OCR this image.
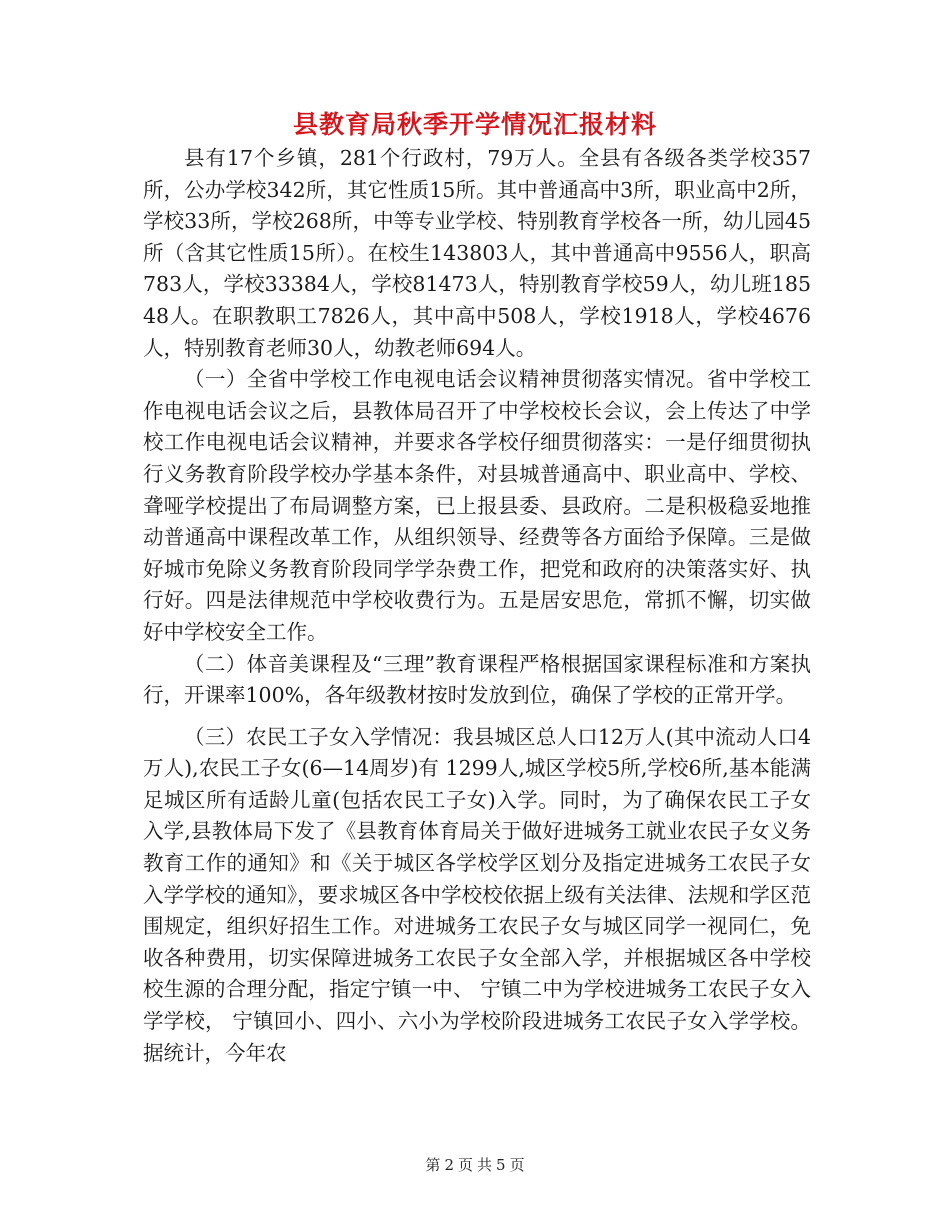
县教育局秋季开学情况汇报材料

县有17个乡镇，281个行政村，79万人。全县有各级各类学校357所，公办学校342所，其它性质15所。其中普通高中3所，职业高中2所，学校33所，学校268所，中等专业学校、特别教育学校各一所，幼儿园45所（含其它性质15所）。在校生143803人，其中普通高中9556人，职高783人，学校33384人，学校81473人，特别教育学校59人，幼儿班18548人。在职教职工7826人，其中高中508人，学校1918人，学校4676人，特别教育老师30人，幼教老师694人。

（一）全省中学校工作电视电话会议精神贯彻落实情况。省中学校工作电视电话会议之后，县教体局召开了中学校校长会议，会上传达了中学校工作电视电话会议精神，并要求各学校仔细贯彻落实：一是仔细贯彻执行义务教育阶段学校办学基本条件，对县城普通高中、职业高中、学校、聋哑学校提出了布局调整方案，已上报县委、县政府。二是积极稳妥地推动普通高中课程改革工作，从组织领导、经费等各方面给予保障。三是做好城市免除义务教育阶段同学学杂费工作，把党和政府的决策落实好、执行好。四是法律规范中学校收费行为。五是居安思危，常抓不懈，切实做好中学校安全工作。

（二）体音美课程及“三理”教育课程严格根据国家课程标准和方案执行，开课率100%，各年级教材按时发放到位，确保了学校的正常开学。

（三）农民工子女入学情况：我县城区总人口12万人(其中流动人口4万人),农民工子女(6—14周岁)有 1299人,城区学校5所,学校6所,基本能满足城区所有适龄儿童(包括农民工子女)入学。同时，为了确保农民工子女入学,县教体局下发了《县教育体育局关于做好进城务工就业农民子女义务教育工作的通知》和《关于城区各学校学区划分及指定进城务工农民子女入学学校的通知》，要求城区各中学校校依据上级有关法律、法规和学区范围规定，组织好招生工作。对进城务工农民子女与城区同学一视同仁，免收各种费用，切实保障进城务工农民子女全部入学，并根据城区各中学校校生源的合理分配，指定宁镇一中、 宁镇二中为学校进城务工农民子女入学学校， 宁镇回小、四小、六小为学校阶段进城务工农民子女入学学校。据统计，今年农

第 2 页 共 5 页
